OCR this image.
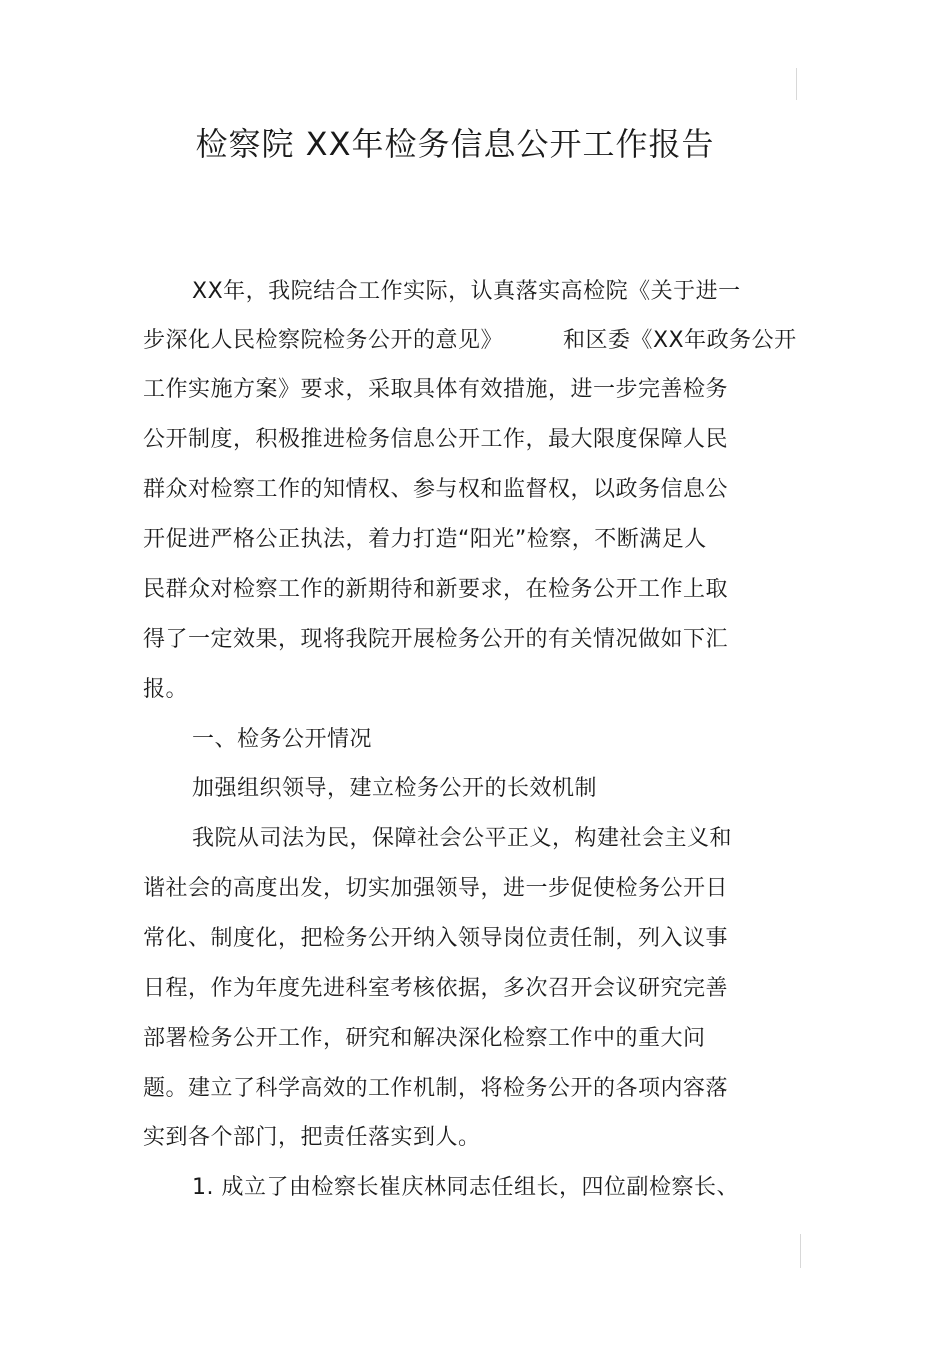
检察院 XX年检务信息公开工作报告
XX年，我院结合工作实际，认真落实高检院《关于进一
步深化人民检察院检务公开的意见》        和区委《XX年政务公开
工作实施方案》要求，采取具体有效措施，进一步完善检务
公开制度，积极推进检务信息公开工作，最大限度保障人民
群众对检察工作的知情权、参与权和监督权，以政务信息公
开促进严格公正执法，着力打造“阳光”检察，不断满足人
民群众对检察工作的新期待和新要求，在检务公开工作上取
得了一定效果，现将我院开展检务公开的有关情况做如下汇
报。
一、检务公开情况
加强组织领导，建立检务公开的长效机制
我院从司法为民，保障社会公平正义，构建社会主义和
谐社会的高度出发，切实加强领导，进一步促使检务公开日
常化、制度化，把检务公开纳入领导岗位责任制，列入议事
日程，作为年度先进科室考核依据，多次召开会议研究完善
部署检务公开工作，研究和解决深化检察工作中的重大问
题。建立了科学高效的工作机制，将检务公开的各项内容落
实到各个部门，把责任落实到人。
1. 成立了由检察长崔庆林同志任组长，四位副检察长、
